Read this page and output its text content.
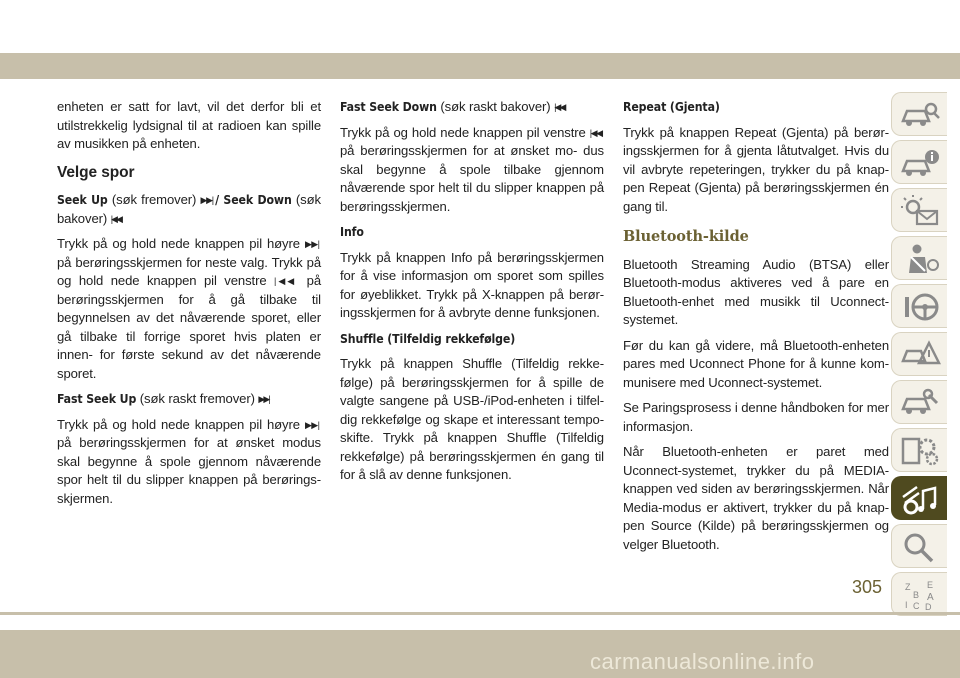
enheten er satt for lavt, vil det derfor bli et utilstrekkelig lydsignal til at radioen kan spille av musikken på enheten.

Velge spor

Seek Up (søk fremover) ▶▶| / Seek Down (søk bakover) |◀◀

Trykk på og hold nede knappen pil høyre ▶▶| på berøringsskjermen for neste valg. Trykk på og hold nede knappen pil venstre |◀◀ på berøringsskjermen for å gå tilbake til begynnelsen av det nåværende sporet, eller gå tilbake til forrige sporet hvis platen er innen- for første sekund av det nåværende sporet.

Fast Seek Up (søk raskt fremover) ▶▶|

Trykk på og hold nede knappen pil høyre ▶▶| på berøringsskjermen for at ønsket modus skal begynne å spole gjennom nåværende spor helt til du slipper knappen på berørings- skjermen.

Fast Seek Down (søk raskt bakover) |◀◀

Trykk på og hold nede knappen pil venstre |◀◀ på berøringsskjermen for at ønsket mo- dus skal begynne å spole tilbake gjennom nåværende spor helt til du slipper knappen på berøringsskjermen.

Info

Trykk på knappen Info på berøringsskjermen for å vise informasjon om sporet som spilles for øyeblikket. Trykk på X-knappen på berør- ingsskjermen for å avbryte denne funksjonen.

Shuffle (Tilfeldig rekkefølge)

Trykk på knappen Shuffle (Tilfeldig rekke- følge) på berøringsskjermen for å spille de valgte sangene på USB-/iPod-enheten i tilfel- dig rekkefølge og skape et interessant tempo- skifte. Trykk på knappen Shuffle (Tilfeldig rekkefølge) på berøringsskjermen én gang til for å slå av denne funksjonen.

Repeat (Gjenta)

Trykk på knappen Repeat (Gjenta) på berør- ingsskjermen for å gjenta låtutvalget. Hvis du vil avbryte repeteringen, trykker du på knap- pen Repeat (Gjenta) på berøringsskjermen én gang til.

Bluetooth-kilde

Bluetooth Streaming Audio (BTSA) eller Bluetooth-modus aktiveres ved å pare en Bluetooth-enhet med musikk til Uconnect- systemet.

Før du kan gå videre, må Bluetooth-enheten pares med Uconnect Phone for å kunne kom- munisere med Uconnect-systemet.

Se Paringsprosess i denne håndboken for mer informasjon.

Når Bluetooth-enheten er paret med Uconnect-systemet, trykker du på MEDIA- knappen ved siden av berøringsskjermen. Når Media-modus er aktivert, trykker du på knap- pen Source (Kilde) på berøringsskjermen og velger Bluetooth.

Z E
B A
I C D
305
carmanualsonline.info
